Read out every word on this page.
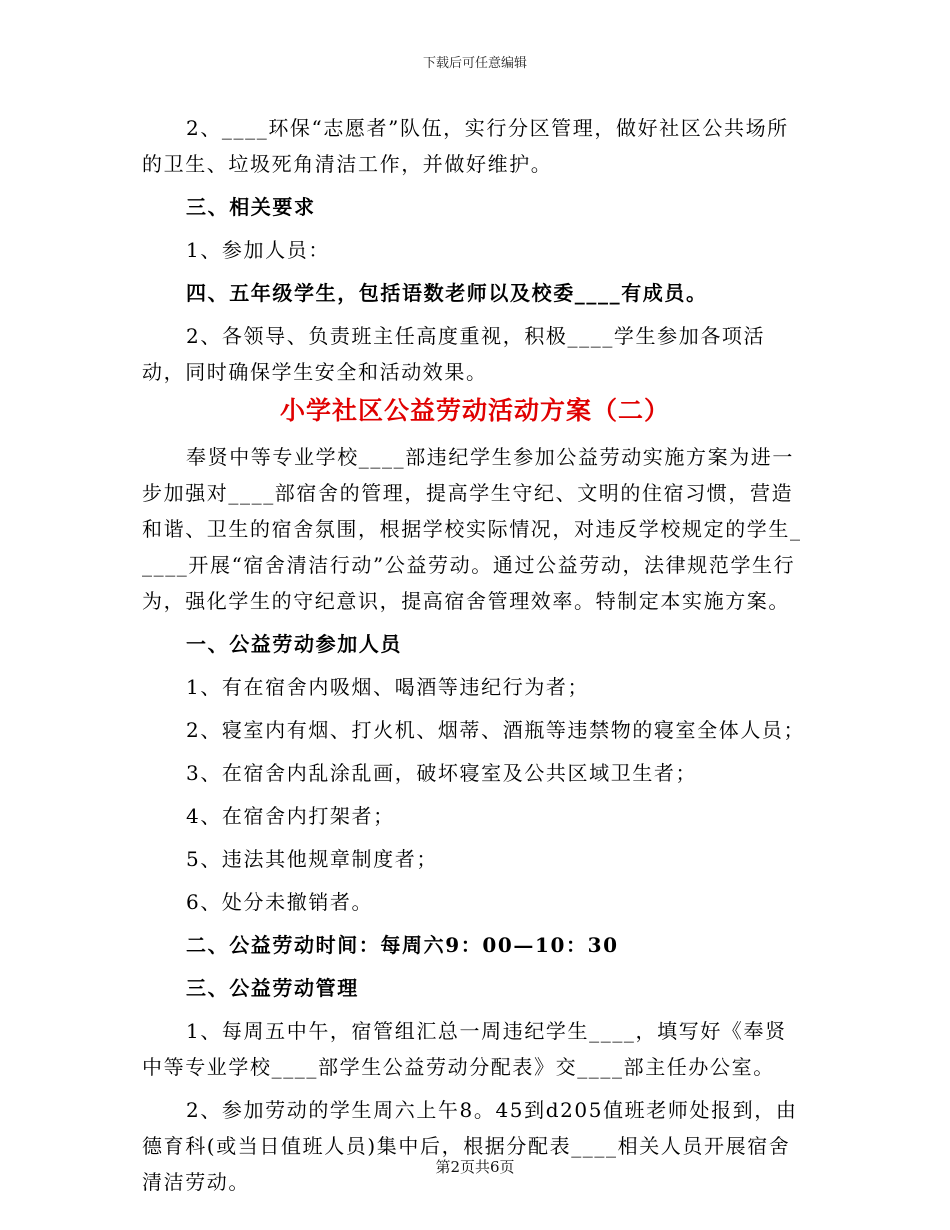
下载后可任意编辑

2、____环保“志愿者”队伍，实行分区管理，做好社区公共场所的卫生、垃圾死角清洁工作，并做好维护。

三、相关要求

1、参加人员：

四、五年级学生，包括语数老师以及校委____有成员。

2、各领导、负责班主任高度重视，积极____学生参加各项活动，同时确保学生安全和活动效果。

小学社区公益劳动活动方案（二）

奉贤中等专业学校____部违纪学生参加公益劳动实施方案为进一步加强对____部宿舍的管理，提高学生守纪、文明的住宿习惯，营造和谐、卫生的宿舍氛围，根据学校实际情况，对违反学校规定的学生_____开展“宿舍清洁行动”公益劳动。通过公益劳动，法律规范学生行为，强化学生的守纪意识，提高宿舍管理效率。特制定本实施方案。

一、公益劳动参加人员

1、有在宿舍内吸烟、喝酒等违纪行为者；

2、寝室内有烟、打火机、烟蒂、酒瓶等违禁物的寝室全体人员；

3、在宿舍内乱涂乱画，破坏寝室及公共区域卫生者；

4、在宿舍内打架者；

5、违法其他规章制度者；

6、处分未撤销者。

二、公益劳动时间：每周六9：00—10：30

三、公益劳动管理

1、每周五中午，宿管组汇总一周违纪学生____，填写好《奉贤中等专业学校____部学生公益劳动分配表》交____部主任办公室。

2、参加劳动的学生周六上午8。45到d205值班老师处报到，由德育科(或当日值班人员)集中后，根据分配表____相关人员开展宿舍清洁劳动。

第2页共6页
